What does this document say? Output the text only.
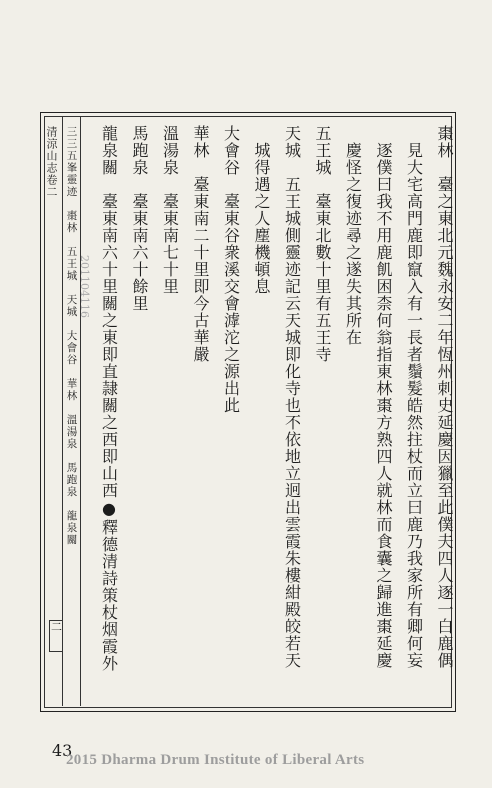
清涼山志卷二 三三五峯靈迹　棗林　五王城　天城　大會谷　華林　溫湯泉　馬跑泉　龍泉關
二
201104116	棗林　臺之東北元魏永安二年恆州刺史延慶因獵至此僕夫四人逐一白鹿偶
見大宅高門鹿即竄入有一長者鬚髮皓然拄杖而立曰鹿乃我家所有卿何妄
逐僕曰我不用鹿飢困柰何翁指東林棗方熟四人就林而食囊之歸進棗延慶
慶怪之復迹尋之遂失其所在
五王城　臺東北數十里有五王寺
天城　五王城側靈迹記云天城即化寺也不依地立迥出雲霞朱樓紺殿皎若天
城得遇之人塵機頓息
大會谷　臺東谷衆溪交會滹沱之源出此
華林　臺東南二十里即今古華嚴
溫湯泉　臺東南七十里
馬跑泉　臺東南六十餘里
龍泉關　臺東南六十里關之東即直隷關之西即山西●釋德清詩策杖烟霞外
43
2015 Dharma Drum Institute of Liberal Arts
